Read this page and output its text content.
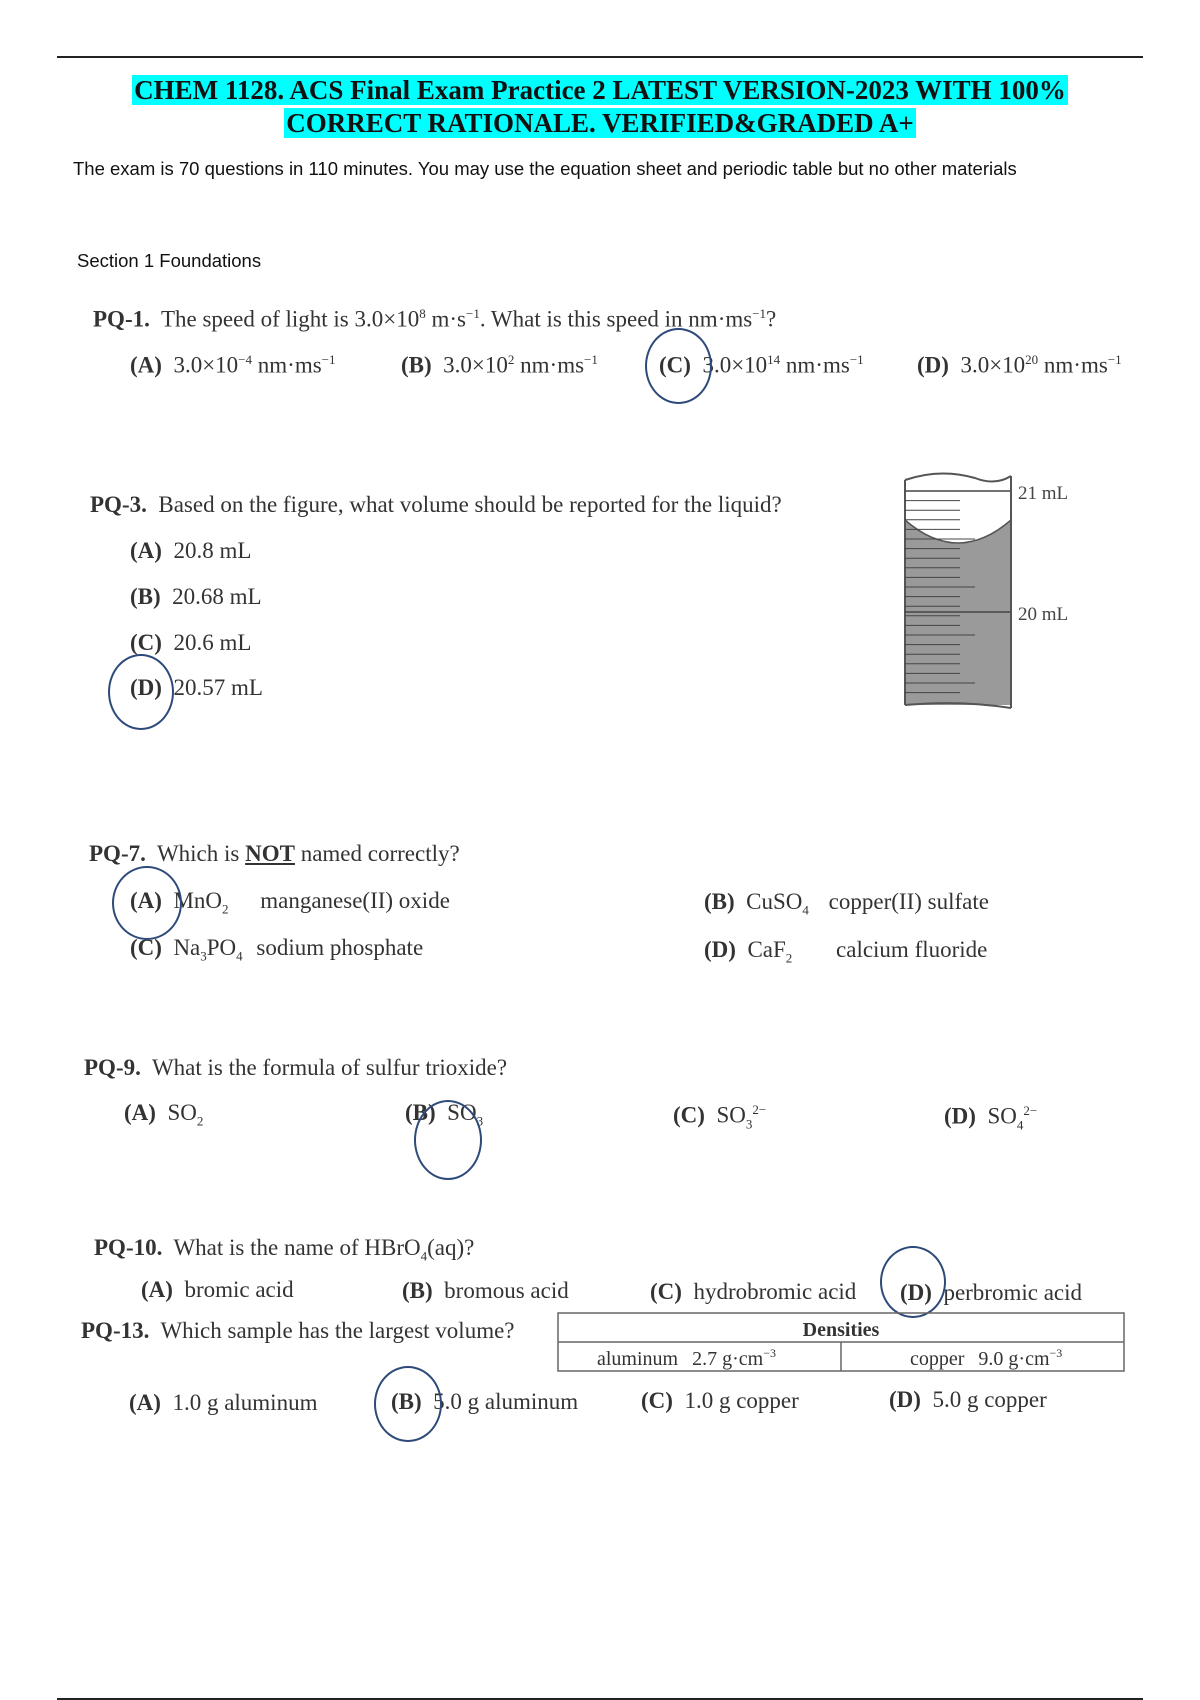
CHEM 1128. ACS Final Exam Practice 2 LATEST VERSION-2023 WITH 100%
CORRECT RATIONALE. VERIFIED&GRADED A+
The exam is 70 questions in 110 minutes. You may use the equation sheet and periodic table but no other materials
Section 1 Foundations
PQ-1. The speed of light is $3.0\times 10^8$ $m\cdot s^{-1}$. What is this speed in $nm\cdot ms^{-1}$?
(A) $3.0\times 10^{-4}$ $nm\cdot ms^{-1}$	(B) $3.0\times 10^2$ $nm\cdot ms^{-1}$	(C) $3.0\times 10^{14}$ $nm\cdot ms^{-1}$ (D) $3.0\times 10^{20}$ $nm\cdot ms^{-1}$
PQ-3. Based on the figure, what volume should be reported for the liquid?
(A) 20.8 mL
(B) 20.68 mL
(C) 20.6 mL
(D) 20.57 mL
21 mL
20 mL
PQ-7. Which is NOT named correctly?
(A) MnO$_2$ manganese(II) oxide	(B) CuSO$_4$ copper(II) sulfate
(C) $Na_3PO_4$ sodium phosphate	(D) CaF$_2$ calcium fluoride
PQ-9. What is the formula of sulfur trioxide?
(A) $SO_2$	(B) $SO_3$	(C) $SO_3^{2-}$	(D) $SO_4^{2-}$
PQ-10. What is the name of HBrO$_4$(aq)?
(A) bromic acid	(B) bromous acid	(C) hydrobromic acid (D) perbromic acid
PQ-13. Which sample has the largest volume?	Densities
aluminum 2.7 $g\cdot cm^{-3}$	copper 9.0 $g\cdot cm^{-3}$
(A) 1.0 g aluminum	(B) 5.0 g aluminum	(C) 1.0 g copper	(D) 5.0 g copper
